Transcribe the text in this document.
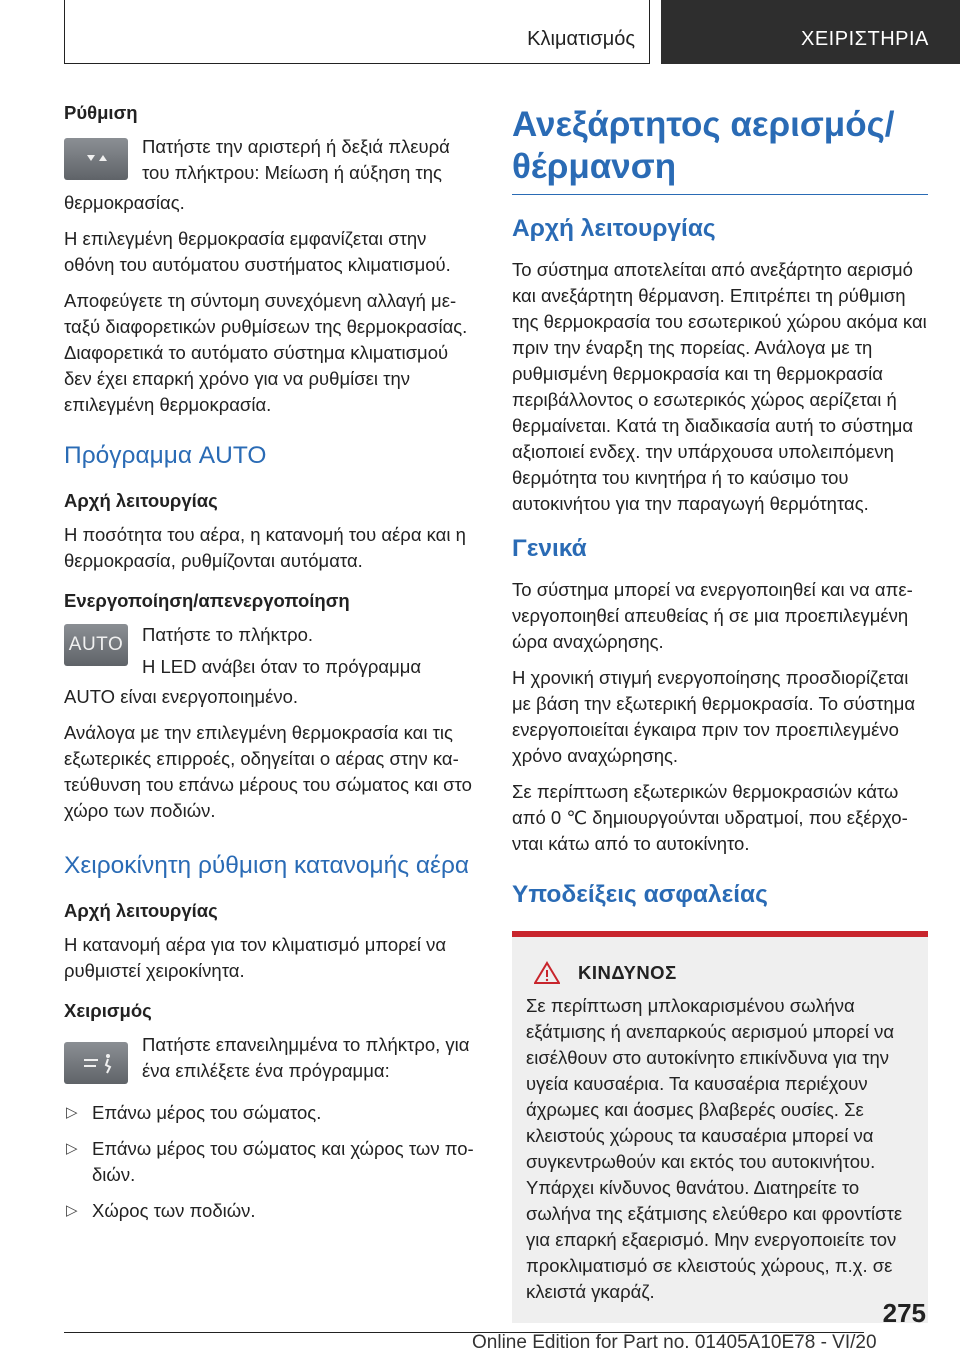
Κλιματισμός	ΧΕΙΡΙΣΤΗΡΙΑ
Ρύθμιση
Πατήστε την αριστερή ή δεξιά πλευρά του πλήκτρου: Μείωση ή αύξηση της

θερμοκρασίας.

Η επιλεγμένη θερμοκρασία εμφανίζεται στην οθόνη του αυτόματου συστήματος κλιματισμού.

Αποφεύγετε τη σύντομη συνεχόμενη αλλαγή μεταξύ διαφορετικών ρυθμίσεων της θερμοκρασίας. Διαφορετικά το αυτόματο σύστημα κλιματισμού δεν έχει επαρκή χρόνο για να ρυθμίσει την επιλεγμένη θερμοκρασία.

Πρόγραμμα AUTO
Αρχή λειτουργίας

Η ποσότητα του αέρα, η κατανομή του αέρα και η θερμοκρασία, ρυθμίζονται αυτόματα.

Ενεργοποίηση/απενεργοποίηση
AUTO Πατήστε το πλήκτρο.
Η LED ανάβει όταν το πρόγραμμα

AUTO είναι ενεργοποιημένο.

Ανάλογα με την επιλεγμένη θερμοκρασία και τις εξωτερικές επιρροές, οδηγείται ο αέρας στην κατεύθυνση του επάνω μέρους του σώματος και στο χώρο των ποδιών.

Χειροκίνητη ρύθμιση κατανομής αέρα
Αρχή λειτουργίας

Η κατανομή αέρα για τον κλιματισμό μπορεί να ρυθμιστεί χειροκίνητα.

Χειρισμός
Πατήστε επανειλημμένα το πλήκτρο, για ένα επιλέξετε ένα πρόγραμμα:
▷ Επάνω μέρος του σώματος.
▷ Επάνω μέρος του σώματος και χώρος των ποδιών.
▷ Χώρος των ποδιών.
Ανεξάρτητος αερισμός/θέρμανση
Αρχή λειτουργίας

Το σύστημα αποτελείται από ανεξάρτητο αερισμό και ανεξάρτητη θέρμανση. Επιτρέπει τη ρύθμιση της θερμοκρασία του εσωτερικού χώρου ακόμα και πριν την έναρξη της πορείας. Ανάλογα με τη ρυθμισμένη θερμοκρασία και τη θερμοκρασία περιβάλλοντος ο εσωτερικός χώρος αερίζεται ή θερμαίνεται. Κατά τη διαδικασία αυτή το σύστημα αξιοποιεί ενδεχ. την υπάρχουσα υπολειπόμενη θερμότητα του κινητήρα ή το καύσιμο του αυτοκινήτου για την παραγωγή θερμότητας.

Γενικά

Το σύστημα μπορεί να ενεργοποιηθεί και να απενεργοποιηθεί απευθείας ή σε μια προεπιλεγμένη ώρα αναχώρησης.

Η χρονική στιγμή ενεργοποίησης προσδιορίζεται με βάση την εξωτερική θερμοκρασία. Το σύστημα ενεργοποιείται έγκαιρα πριν τον προεπιλεγμένο χρόνο αναχώρησης.

Σε περίπτωση εξωτερικών θερμοκρασιών κάτω από 0 ℃ δημιουργούνται υδρατμοί, που εξέρχονται κάτω από το αυτοκίνητο.

Υποδείξεις ασφαλείας
ΚΙΝΔΥΝΟΣ

Σε περίπτωση μπλοκαρισμένου σωλήνα εξάτμισης ή ανεπαρκούς αερισμού μπορεί να εισέλθουν στο αυτοκίνητο επικίνδυνα για την υγεία καυσαέρια. Τα καυσαέρια περιέχουν άχρωμες και άοσμες βλαβερές ουσίες. Σε κλειστούς χώρους τα καυσαέρια μπορεί να συγκεντρωθούν και εκτός του αυτοκινήτου. Υπάρχει κίνδυνος θανάτου. Διατηρείτε το σωλήνα της εξάτμισης ελεύθερο και φροντίστε για επαρκή εξαερισμό. Μην ενεργοποιείτε τον προκλιματισμό σε κλειστούς χώρους, π.χ. σε κλειστά γκαράζ.

275
Online Edition for Part no. 01405A10E78 - VI/20
